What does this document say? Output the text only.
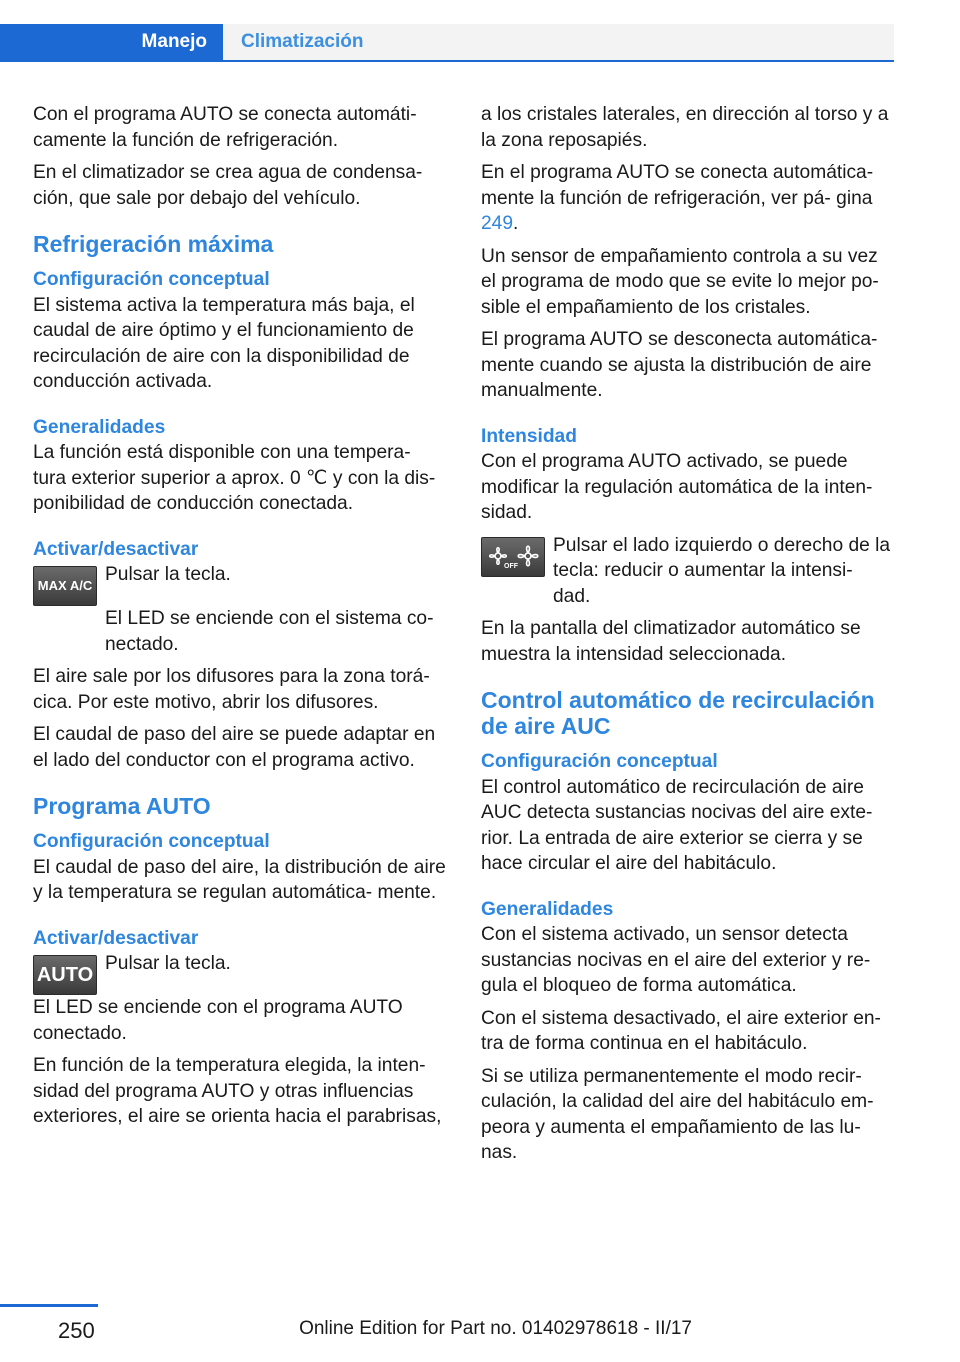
Manejo	Climatización

Con el programa AUTO se conecta automáti‐ camente la función de refrigeración.

En el climatizador se crea agua de condensa‐ ción, que sale por debajo del vehículo.

Refrigeración máxima
Configuración conceptual

El sistema activa la temperatura más baja, el caudal de aire óptimo y el funcionamiento de recirculación de aire con la disponibilidad de conducción activada.

Generalidades

La función está disponible con una tempera‐ tura exterior superior a aprox. 0 ℃ y con la dis‐ ponibilidad de conducción conectada.

Activar/desactivar
MAX A/C

Pulsar la tecla.

El LED se enciende con el sistema co‐ nectado.

El aire sale por los difusores para la zona torá‐ cica. Por este motivo, abrir los difusores.

El caudal de paso del aire se puede adaptar en el lado del conductor con el programa activo.

Programa AUTO
Configuración conceptual

El caudal de paso del aire, la distribución de aire y la temperatura se regulan automática‐ mente.

Activar/desactivar
AUTO

Pulsar la tecla.

El LED se enciende con el programa AUTO conectado.

En función de la temperatura elegida, la inten‐ sidad del programa AUTO y otras influencias exteriores, el aire se orienta hacia el parabrisas,

a los cristales laterales, en dirección al torso y a la zona reposapiés.

En el programa AUTO se conecta automática‐ mente la función de refrigeración, ver pá‐ gina 249.

Un sensor de empañamiento controla a su vez el programa de modo que se evite lo mejor po‐ sible el empañamiento de los cristales.

El programa AUTO se desconecta automática‐ mente cuando se ajusta la distribución de aire manualmente.

Intensidad

Con el programa AUTO activado, se puede modificar la regulación automática de la inten‐ sidad.

OFF

Pulsar el lado izquierdo o derecho de la tecla: reducir o aumentar la intensi‐ dad.

En la pantalla del climatizador automático se muestra la intensidad seleccionada.

Control automático de recirculación de aire AUC
Configuración conceptual

El control automático de recirculación de aire AUC detecta sustancias nocivas del aire exte‐ rior. La entrada de aire exterior se cierra y se hace circular el aire del habitáculo.

Generalidades

Con el sistema activado, un sensor detecta sustancias nocivas en el aire del exterior y re‐ gula el bloqueo de forma automática.

Con el sistema desactivado, el aire exterior en‐ tra de forma continua en el habitáculo.

Si se utiliza permanentemente el modo recir‐ culación, la calidad del aire del habitáculo em‐ peora y aumenta el empañamiento de las lu‐ nas.

250	Online Edition for Part no. 01402978618 - II/17
